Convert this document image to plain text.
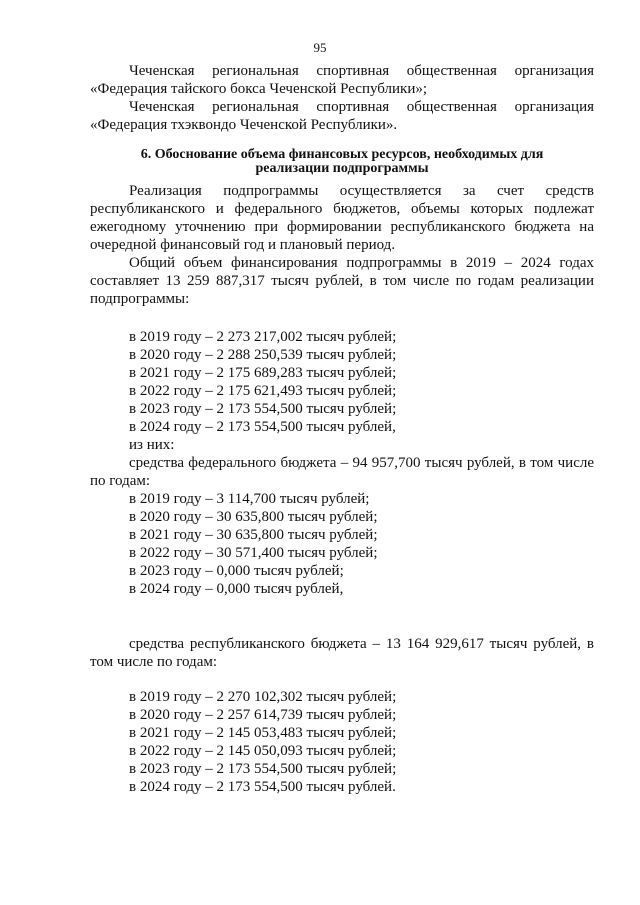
95

Чеченская региональная спортивная общественная организация «Федерация тайского бокса Чеченской Республики»;

Чеченская региональная спортивная общественная организация «Федерация тхэквондо Чеченской Республики».

6. Обоснование объема финансовых ресурсов, необходимых для
реализации подпрограммы

Реализация подпрограммы осуществляется за счет средств республиканского и федерального бюджетов, объемы которых подлежат ежегодному уточнению при формировании республиканского бюджета на очередной финансовый год и плановый период.

Общий объем финансирования подпрограммы в 2019 – 2024 годах составляет 13 259 887,317 тысяч рублей, в том числе по годам реализации подпрограммы:

в 2019 году – 2 273 217,002 тысяч рублей;
в 2020 году – 2 288 250,539 тысяч рублей;
в 2021 году – 2 175 689,283 тысяч рублей;
в 2022 году – 2 175 621,493 тысяч рублей;
в 2023 году – 2 173 554,500 тысяч рублей;
в 2024 году – 2 173 554,500 тысяч рублей,

из них:

средства федерального бюджета – 94 957,700 тысяч рублей, в том числе по годам:

в 2019 году – 3 114,700 тысяч рублей;
в 2020 году – 30 635,800 тысяч рублей;
в 2021 году – 30 635,800 тысяч рублей;
в 2022 году – 30 571,400 тысяч рублей;
в 2023 году – 0,000 тысяч рублей;
в 2024 году – 0,000 тысяч рублей,

средства республиканского бюджета – 13 164 929,617 тысяч рублей, в том числе по годам:

в 2019 году – 2 270 102,302 тысяч рублей;
в 2020 году – 2 257 614,739 тысяч рублей;
в 2021 году – 2 145 053,483 тысяч рублей;
в 2022 году – 2 145 050,093 тысяч рублей;
в 2023 году – 2 173 554,500 тысяч рублей;
в 2024 году – 2 173 554,500 тысяч рублей.
